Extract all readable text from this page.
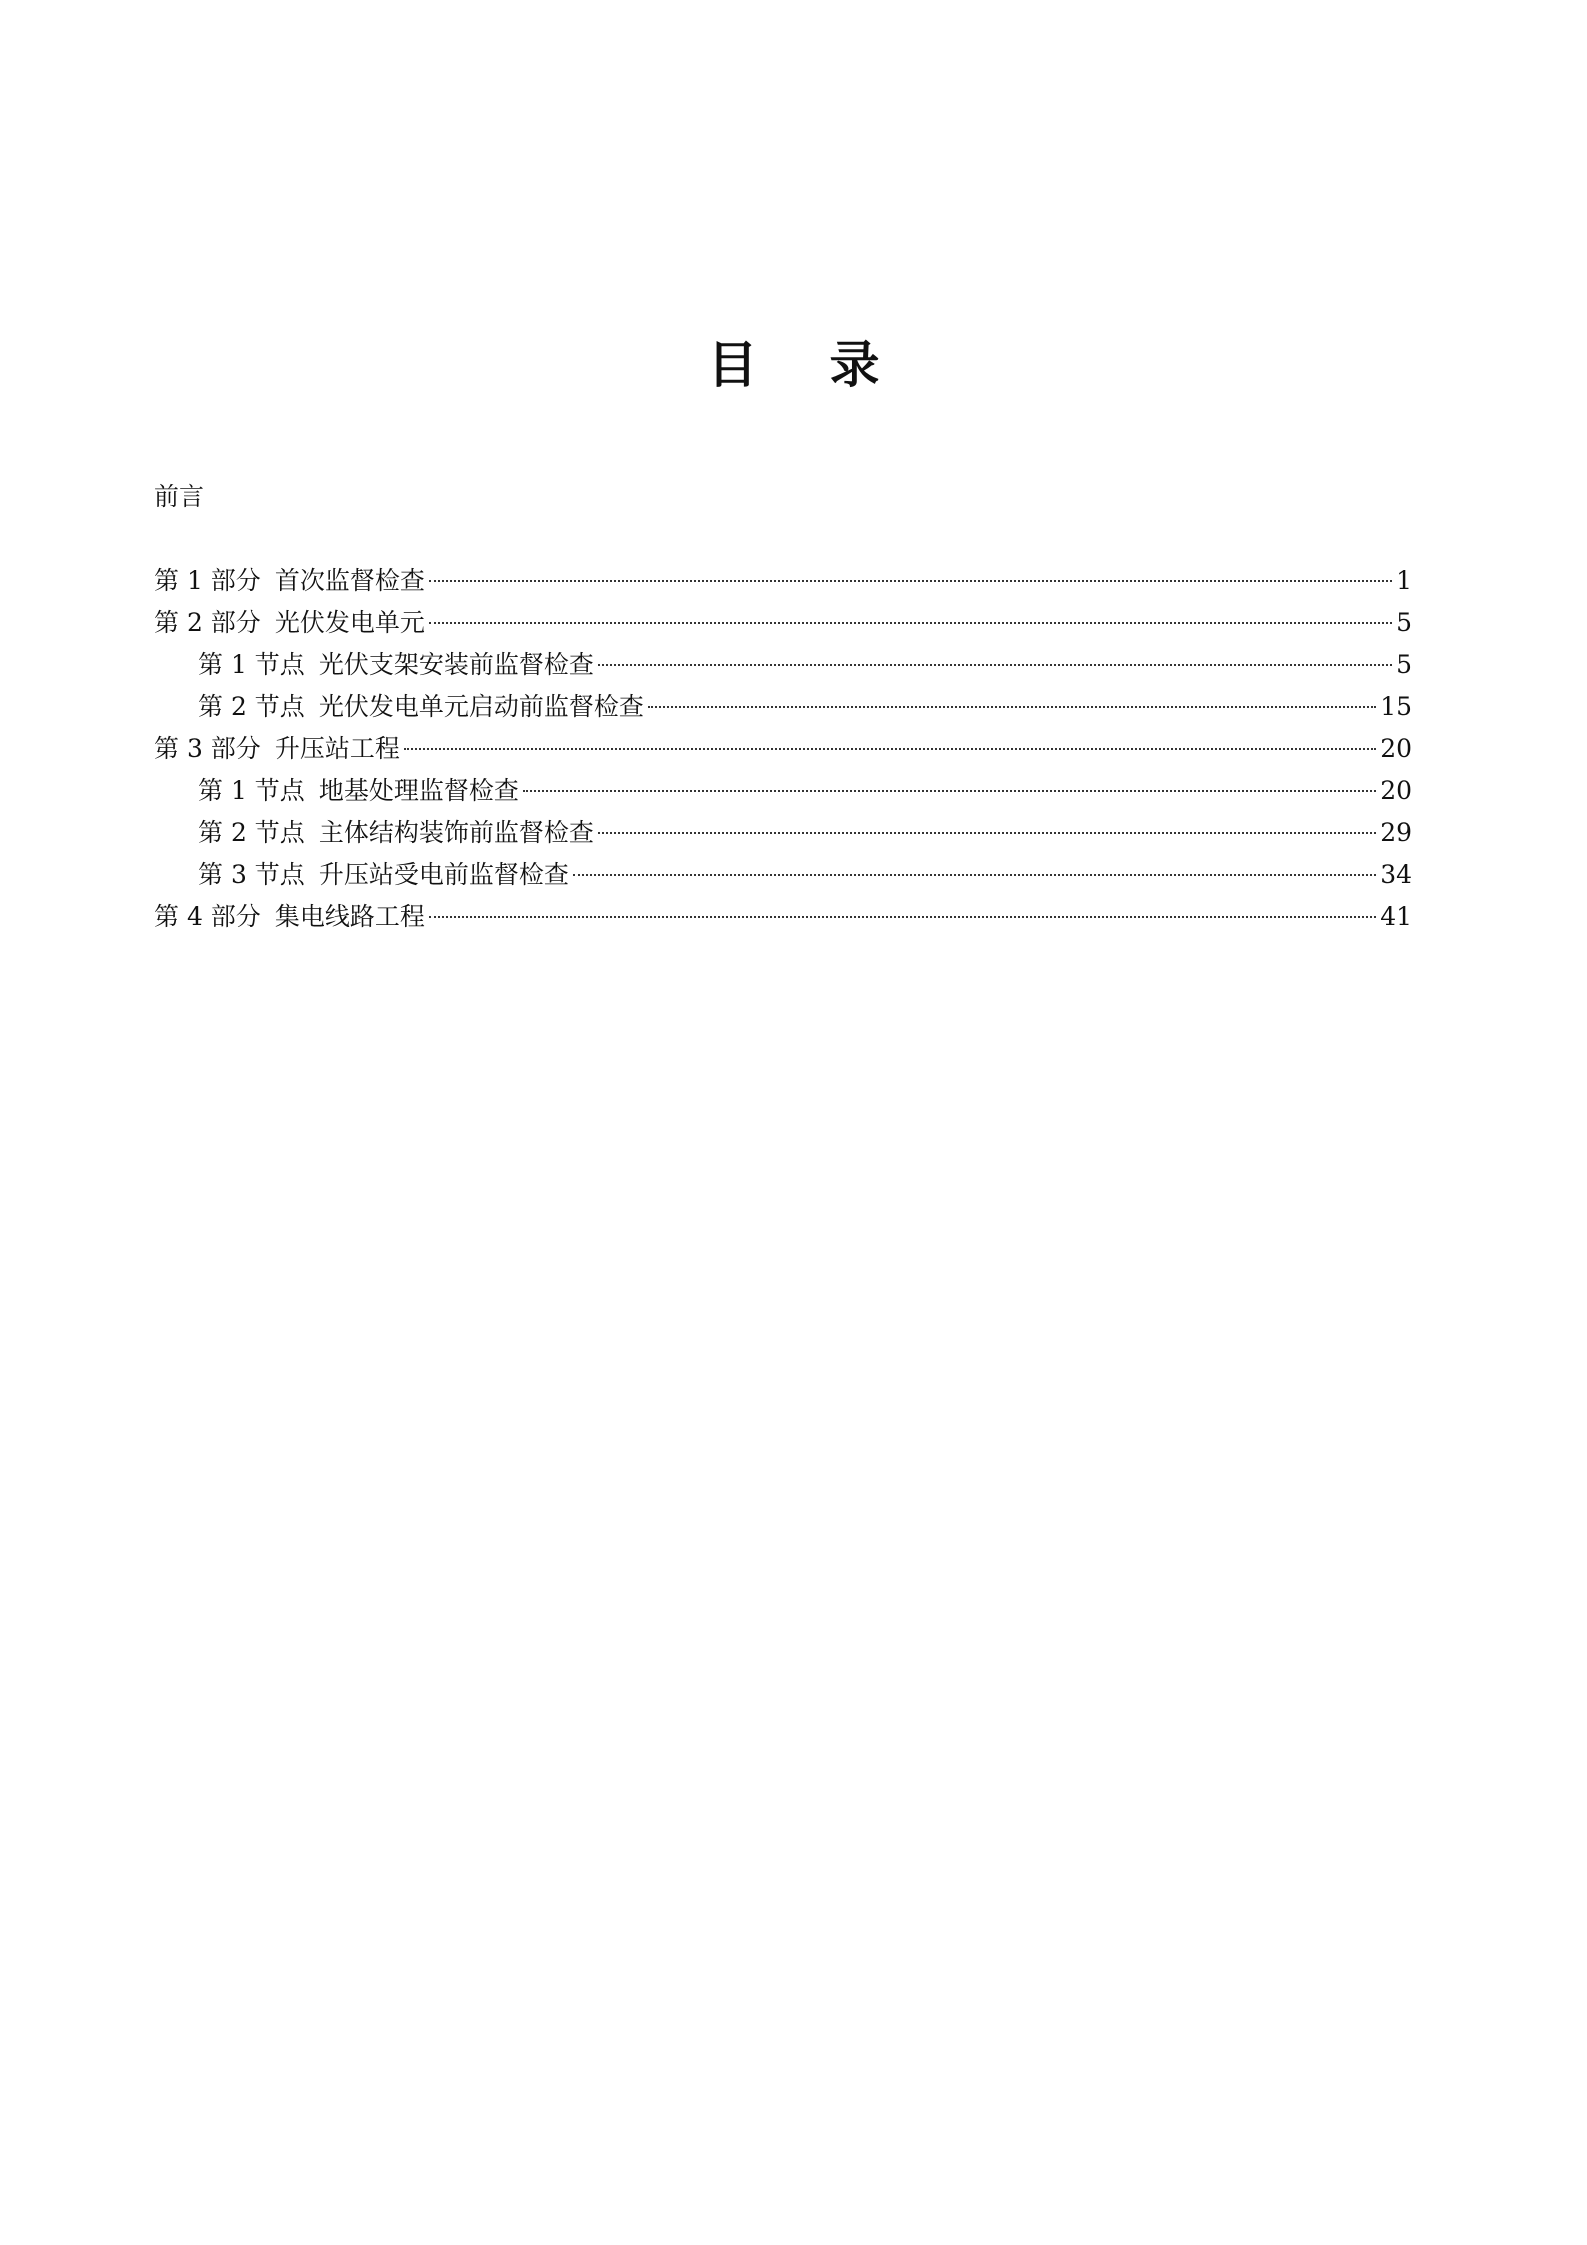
目 录
前言
第 1 部分 首次监督检查	1
第 2 部分 光伏发电单元	5
第 1 节点 光伏支架安装前监督检查	5
第 2 节点 光伏发电单元启动前监督检查	15
第 3 部分 升压站工程	20
第 1 节点 地基处理监督检查	20
第 2 节点 主体结构装饰前监督检查	29
第 3 节点 升压站受电前监督检查	34
第 4 部分 集电线路工程	41
